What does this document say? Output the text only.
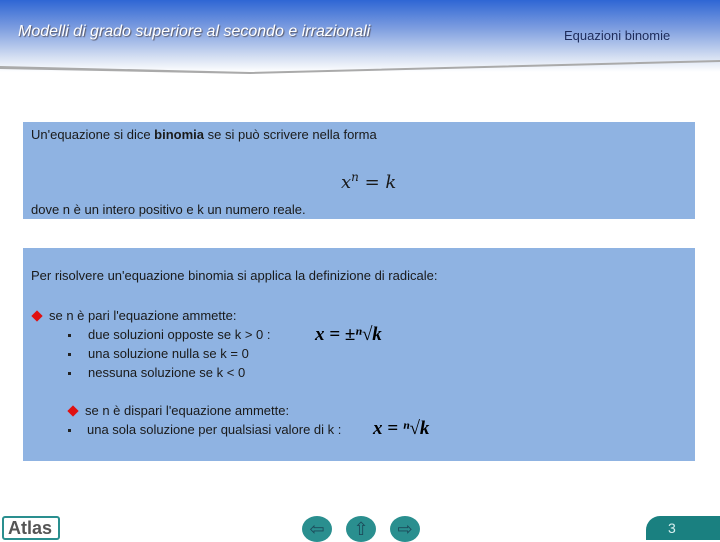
Modelli di grado superiore al secondo e irrazionali	Equazioni binomie
Un'equazione si dice binomia se si può scrivere nella forma
$x^n = k$
dove n è un intero positivo e k un numero reale.
Per risolvere un'equazione binomia si applica la definizione di radicale:
se n è pari l'equazione ammette:
due soluzioni opposte se k > 0 : x = ±ⁿ√k
una soluzione nulla se k = 0
nessuna soluzione se k < 0
se n è dispari l'equazione ammette:
una sola soluzione per qualsiasi valore di k : x = ⁿ√k
Atlas	⇦ ⇧ ⇨	3
